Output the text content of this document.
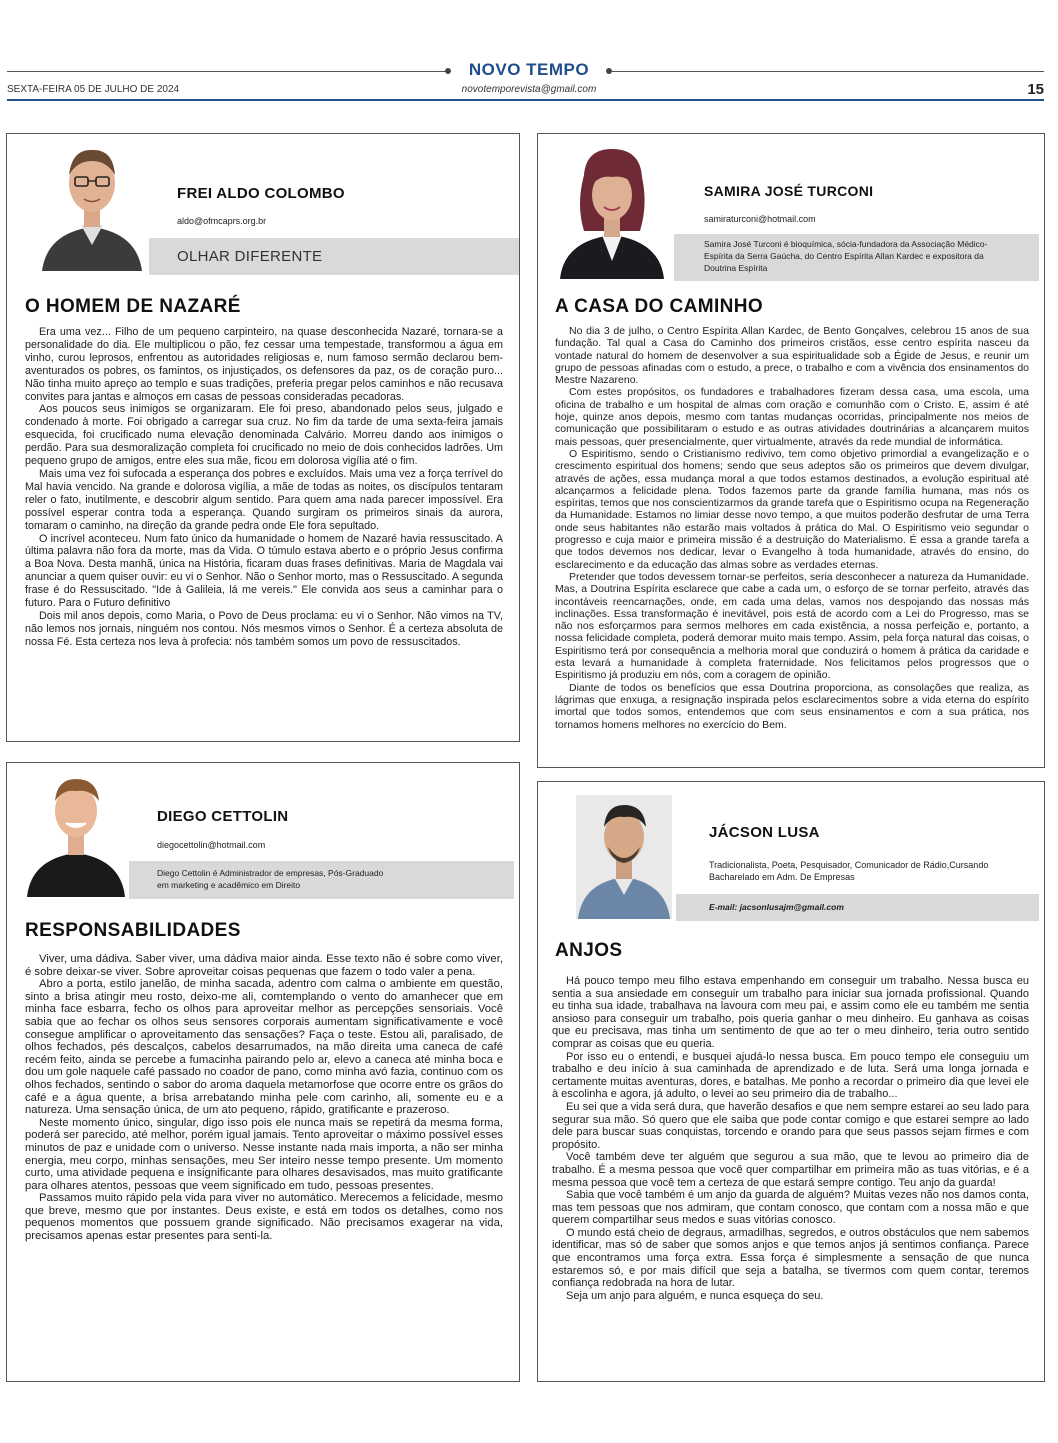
NOVO TEMPO
SEXTA-FEIRA 05 DE JULHO DE 2024	novotemporevista@gmail.com	15
FREI ALDO COLOMBO
aldo@ofmcaprs.org.br
OLHAR DIFERENTE
O HOMEM DE NAZARÉ

Era uma vez... Filho de um pequeno carpinteiro, na quase desconhecida Nazaré, tornara-se a personalidade do dia. Ele multiplicou o pão, fez cessar uma tempestade, transformou a água em vinho, curou leprosos, enfrentou as autoridades religiosas e, num famoso sermão declarou bem-aventurados os pobres, os famintos, os injustiçados, os defensores da paz, os de coração puro... Não tinha muito apreço ao templo e suas tradições, preferia pregar pelos caminhos e não recusava convites para jantas e almoços em casas de pessoas consideradas pecadoras.

Aos poucos seus inimigos se organizaram. Ele foi preso, abandonado pelos seus, julgado e condenado à morte. Foi obrigado a carregar sua cruz. No fim da tarde de uma sexta-feira jamais esquecida, foi crucificado numa elevação denominada Calvário. Morreu dando aos inimigos o perdão. Para sua desmoralização completa foi crucificado no meio de dois conhecidos ladrões. Um pequeno grupo de amigos, entre eles sua mãe, ficou em dolorosa vigília até o fim.

Mais uma vez foi sufocada a esperança dos pobres e excluídos. Mais uma vez a força terrível do Mal havia vencido. Na grande e dolorosa vigília, a mãe de todas as noites, os discípulos tentaram reler o fato, inutilmente, e descobrir algum sentido. Para quem ama nada parecer impossível. Era possível esperar contra toda a esperança. Quando surgiram os primeiros sinais da aurora, tomaram o caminho, na direção da grande pedra onde Ele fora sepultado.

O incrível aconteceu. Num fato único da humanidade o homem de Nazaré havia ressuscitado. A última palavra não fora da morte, mas da Vida. O túmulo estava aberto e o próprio Jesus confirma a Boa Nova. Desta manhã, única na História, ficaram duas frases definitivas. Maria de Magdala vai anunciar a quem quiser ouvir: eu vi o Senhor. Não o Senhor morto, mas o Ressuscitado. A segunda frase é do Ressuscitado. "Ide à Galileia, lá me vereis." Ele convida aos seus a caminhar para o futuro. Para o Futuro definitivo

Dois mil anos depois, como Maria, o Povo de Deus proclama: eu vi o Senhor. Não vimos na TV, não lemos nos jornais, ninguém nos contou. Nós mesmos vimos o Senhor. É a certeza absoluta de nossa Fé. Esta certeza nos leva à profecia: nós também somos um povo de ressuscitados.

SAMIRA JOSÉ TURCONI
samiraturconi@hotmail.com
Samira José Turconi é bioquímica, sócia-fundadora da Associação Médico-Espírita da Serra Gaúcha, do Centro Espírita Allan Kardec e expositora da Doutrina Espírita
A CASA DO CAMINHO

No dia 3 de julho, o Centro Espírita Allan Kardec, de Bento Gonçalves, celebrou 15 anos de sua fundação. Tal qual a Casa do Caminho dos primeiros cristãos, esse centro espírita nasceu da vontade natural do homem de desenvolver a sua espiritualidade sob a Égide de Jesus, e reunir um grupo de pessoas afinadas com o estudo, a prece, o trabalho e com a vivência dos ensinamentos do Mestre Nazareno.

Com estes propósitos, os fundadores e trabalhadores fizeram dessa casa, uma escola, uma oficina de trabalho e um hospital de almas com oração e comunhão com o Cristo. E, assim é até hoje, quinze anos depois, mesmo com tantas mudanças ocorridas, principalmente nos meios de comunicação que possibilitaram o estudo e as outras atividades doutrinárias a alcançarem muitos mais pessoas, quer presencialmente, quer virtualmente, através da rede mundial de informática.

O Espiritismo, sendo o Cristianismo redivivo, tem como objetivo primordial a evangelização e o crescimento espiritual dos homens; sendo que seus adeptos são os primeiros que devem divulgar, através de ações, essa mudança moral a que todos estamos destinados, a evolução espiritual até alcançarmos a felicidade plena. Todos fazemos parte da grande família humana, mas nós os espíritas, temos que nos conscientizarmos da grande tarefa que o Espiritismo ocupa na Regeneração da Humanidade. Estamos no limiar desse novo tempo, a que muitos poderão desfrutar de uma Terra onde seus habitantes não estarão mais voltados à prática do Mal. O Espiritismo veio segundar o progresso e cuja maior e primeira missão é a destruição do Materialismo. É essa a grande tarefa a que todos devemos nos dedicar, levar o Evangelho à toda humanidade, através do ensino, do esclarecimento e da educação das almas sobre as verdades eternas.

Pretender que todos devessem tornar-se perfeitos, seria desconhecer a natureza da Humanidade. Mas, a Doutrina Espírita esclarece que cabe a cada um, o esforço de se tornar perfeito, através das incontáveis reencarnações, onde, em cada uma delas, vamos nos despojando das nossas más inclinações. Essa transformação é inevitável, pois está de acordo com a Lei do Progresso, mas se não nos esforçarmos para sermos melhores em cada existência, a nossa perfeição e, portanto, a nossa felicidade completa, poderá demorar muito mais tempo. Assim, pela força natural das coisas, o Espiritismo terá por consequência a melhoria moral que conduzirá o homem à prática da caridade e esta levará a humanidade à completa fraternidade. Nos felicitamos pelos progressos que o Espiritismo já produziu em nós, com a coragem de opinião.

Diante de todos os benefícios que essa Doutrina proporciona, as consolações que realiza, as lágrimas que enxuga, a resignação inspirada pelos esclarecimentos sobre a vida eterna do espírito imortal que todos somos, entendemos que com seus ensinamentos e com a sua prática, nos tornamos homens melhores no exercício do Bem.

DIEGO CETTOLIN
diegocettolin@hotmail.com
Diego Cettolin é Administrador de empresas, Pós-Graduado em marketing e acadêmico em Direito
RESPONSABILIDADES

Viver, uma dádiva. Saber viver, uma dádiva maior ainda. Esse texto não é sobre como viver, é sobre deixar-se viver. Sobre aproveitar coisas pequenas que fazem o todo valer a pena.

Abro a porta, estilo janelão, de minha sacada, adentro com calma o ambiente em questão, sinto a brisa atingir meu rosto, deixo-me ali, comtemplando o vento do amanhecer que em minha face esbarra, fecho os olhos para aproveitar melhor as percepções sensoriais. Você sabia que ao fechar os olhos seus sensores corporais aumentam significativamente e você consegue amplificar o aproveitamento das sensações? Faça o teste. Estou ali, paralisado, de olhos fechados, pés descalços, cabelos desarrumados, na mão direita uma caneca de café recém feito, ainda se percebe a fumacinha pairando pelo ar, elevo a caneca até minha boca e dou um gole naquele café passado no coador de pano, como minha avó fazia, continuo com os olhos fechados, sentindo o sabor do aroma daquela metamorfose que ocorre entre os grãos do café e a água quente, a brisa arrebatando minha pele com carinho, ali, somente eu e a natureza. Uma sensação única, de um ato pequeno, rápido, gratificante e prazeroso.

Neste momento único, singular, digo isso pois ele nunca mais se repetirá da mesma forma, poderá ser parecido, até melhor, porém igual jamais. Tento aproveitar o máximo possível esses minutos de paz e unidade com o universo. Nesse instante nada mais importa, a não ser minha energia, meu corpo, minhas sensações, meu Ser inteiro nesse tempo presente. Um momento curto, uma atividade pequena e insignificante para olhares desavisados, mas muito gratificante para olhares atentos, pessoas que veem significado em tudo, pessoas presentes.

Passamos muito rápido pela vida para viver no automático. Merecemos a felicidade, mesmo que breve, mesmo que por instantes. Deus existe, e está em todos os detalhes, como nos pequenos momentos que possuem grande significado. Não precisamos exagerar na vida, precisamos apenas estar presentes para senti-la.

JÁCSON LUSA
Tradicionalista, Poeta, Pesquisador, Comunicador de Rádio,Cursando Bacharelado em Adm. De Empresas
E-mail: jacsonlusajm@gmail.com
ANJOS

Há pouco tempo meu filho estava empenhando em conseguir um trabalho. Nessa busca eu sentia a sua ansiedade em conseguir um trabalho para iniciar sua jornada profissional. Quando eu tinha sua idade, trabalhava na lavoura com meu pai, e assim como ele eu também me sentia ansioso para conseguir um trabalho, pois queria ganhar o meu dinheiro. Eu ganhava as coisas que eu precisava, mas tinha um sentimento de que ao ter o meu dinheiro, teria outro sentido comprar as coisas que eu queria.

Por isso eu o entendi, e busquei ajudá-lo nessa busca. Em pouco tempo ele conseguiu um trabalho e deu início à sua caminhada de aprendizado e de luta. Será uma longa jornada e certamente muitas aventuras, dores, e batalhas. Me ponho a recordar o primeiro dia que levei ele à escolinha e agora, já adulto, o levei ao seu primeiro dia de trabalho...

Eu sei que a vida será dura, que haverão desafios e que nem sempre estarei ao seu lado para segurar sua mão. Só quero que ele saiba que pode contar comigo e que estarei sempre ao lado dele para buscar suas conquistas, torcendo e orando para que seus passos sejam firmes e com propósito.

Você também deve ter alguém que segurou a sua mão, que te levou ao primeiro dia de trabalho. É a mesma pessoa que você quer compartilhar em primeira mão as tuas vitórias, e é a mesma pessoa que você tem a certeza de que estará sempre contigo. Teu anjo da guarda!

Sabia que você também é um anjo da guarda de alguém? Muitas vezes não nos damos conta, mas tem pessoas que nos admiram, que contam conosco, que contam com a nossa mão e que querem compartilhar seus medos e suas vitórias conosco.

O mundo está cheio de degraus, armadilhas, segredos, e outros obstáculos que nem sabemos identificar, mas só de saber que somos anjos e que temos anjos já sentimos confiança. Parece que encontramos uma força extra. Essa força é simplesmente a sensação de que nunca estaremos só, e por mais difícil que seja a batalha, se tivermos com quem contar, teremos confiança redobrada na hora de lutar.

Seja um anjo para alguém, e nunca esqueça do seu.
